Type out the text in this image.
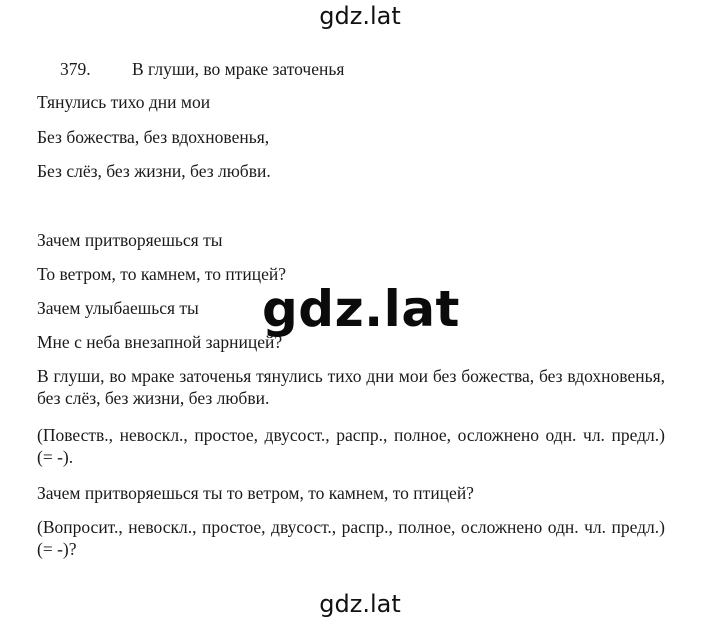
gdz.lat
379. В глуши, во мраке заточенья
Тянулись тихо дни мои
Без божества, без вдохновенья,
Без слёз, без жизни, без любви.
Зачем притворяешься ты
То ветром, то камнем, то птицей?
Зачем улыбаешься ты
Мне с неба внезапной зарницей?
В глуши, во мраке заточенья тянулись тихо дни мои без божества, без вдохновенья, без слёз, без жизни, без любви.
(Повеств., невоскл., простое, двусост., распр., полное, осложнено одн. чл. предл.) (= -).
Зачем притворяешься ты то ветром, то камнем, то птицей?
(Вопросит., невоскл., простое, двусост., распр., полное, осложнено одн. чл. предл.) (= -)?
gdz.lat
gdz.lat
